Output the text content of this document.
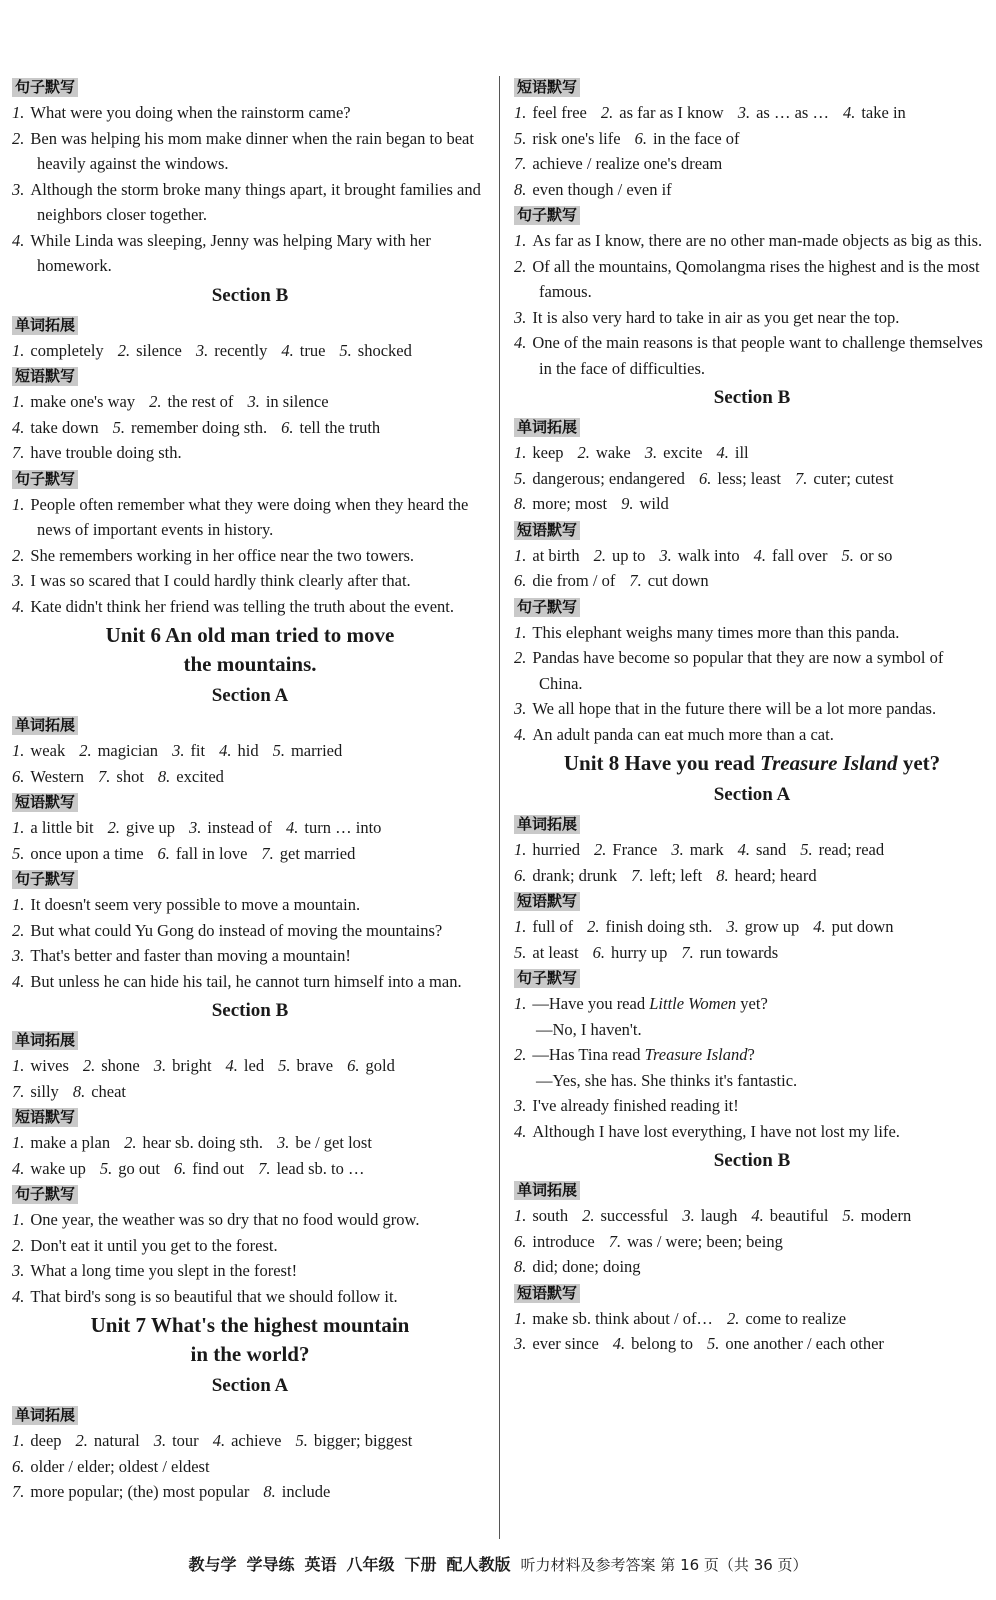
句子默写
1. What were you doing when the rainstorm came?
2. Ben was helping his mom make dinner when the rain began to beat heavily against the windows.
3. Although the storm broke many things apart, it brought families and neighbors closer together.
4. While Linda was sleeping, Jenny was helping Mary with her homework.
Section B
单词拓展
1. completely 2. silence 3. recently 4. true 5. shocked
短语默写
1. make one's way 2. the rest of 3. in silence
4. take down 5. remember doing sth. 6. tell the truth
7. have trouble doing sth.
句子默写
1. People often remember what they were doing when they heard the news of important events in history.
2. She remembers working in her office near the two towers.
3. I was so scared that I could hardly think clearly after that.
4. Kate didn't think her friend was telling the truth about the event.
Unit 6 An old man tried to move
the mountains.
Section A
单词拓展
1. weak 2. magician 3. fit 4. hid 5. married
6. Western 7. shot 8. excited
短语默写
1. a little bit 2. give up 3. instead of 4. turn … into
5. once upon a time 6. fall in love 7. get married
句子默写
1. It doesn't seem very possible to move a mountain.
2. But what could Yu Gong do instead of moving the mountains?
3. That's better and faster than moving a mountain!
4. But unless he can hide his tail, he cannot turn himself into a man.
Section B
单词拓展
1. wives 2. shone 3. bright 4. led 5. brave 6. gold
7. silly 8. cheat
短语默写
1. make a plan 2. hear sb. doing sth. 3. be / get lost
4. wake up 5. go out 6. find out 7. lead sb. to …
句子默写
1. One year, the weather was so dry that no food would grow.
2. Don't eat it until you get to the forest.
3. What a long time you slept in the forest!
4. That bird's song is so beautiful that we should follow it.
Unit 7 What's the highest mountain
in the world?
Section A
单词拓展
1. deep 2. natural 3. tour 4. achieve 5. bigger; biggest
6. older / elder; oldest / eldest
7. more popular; (the) most popular 8. include
短语默写
1. feel free 2. as far as I know 3. as … as … 4. take in
5. risk one's life 6. in the face of
7. achieve / realize one's dream
8. even though / even if
句子默写
1. As far as I know, there are no other man-made objects as big as this.
2. Of all the mountains, Qomolangma rises the highest and is the most famous.
3. It is also very hard to take in air as you get near the top.
4. One of the main reasons is that people want to challenge themselves in the face of difficulties.
Section B
单词拓展
1. keep 2. wake 3. excite 4. ill
5. dangerous; endangered 6. less; least 7. cuter; cutest
8. more; most 9. wild
短语默写
1. at birth 2. up to 3. walk into 4. fall over 5. or so
6. die from / of 7. cut down
句子默写
1. This elephant weighs many times more than this panda.
2. Pandas have become so popular that they are now a symbol of China.
3. We all hope that in the future there will be a lot more pandas.
4. An adult panda can eat much more than a cat.
Unit 8 Have you read Treasure Island yet?
Section A
单词拓展
1. hurried 2. France 3. mark 4. sand 5. read; read
6. drank; drunk 7. left; left 8. heard; heard
短语默写
1. full of 2. finish doing sth. 3. grow up 4. put down
5. at least 6. hurry up 7. run towards
句子默写
1. —Have you read Little Women yet?
—No, I haven't.
2. —Has Tina read Treasure Island?
—Yes, she has. She thinks it's fantastic.
3. I've already finished reading it!
4. Although I have lost everything, I have not lost my life.
Section B
单词拓展
1. south 2. successful 3. laugh 4. beautiful 5. modern
6. introduce 7. was / were; been; being
8. did; done; doing
短语默写
1. make sb. think about / of… 2. come to realize
3. ever since 4. belong to 5. one another / each other
教与学 学导练 英语 八年级 下册 配人教版 听力材料及参考答案 第 16 页（共 36 页）
